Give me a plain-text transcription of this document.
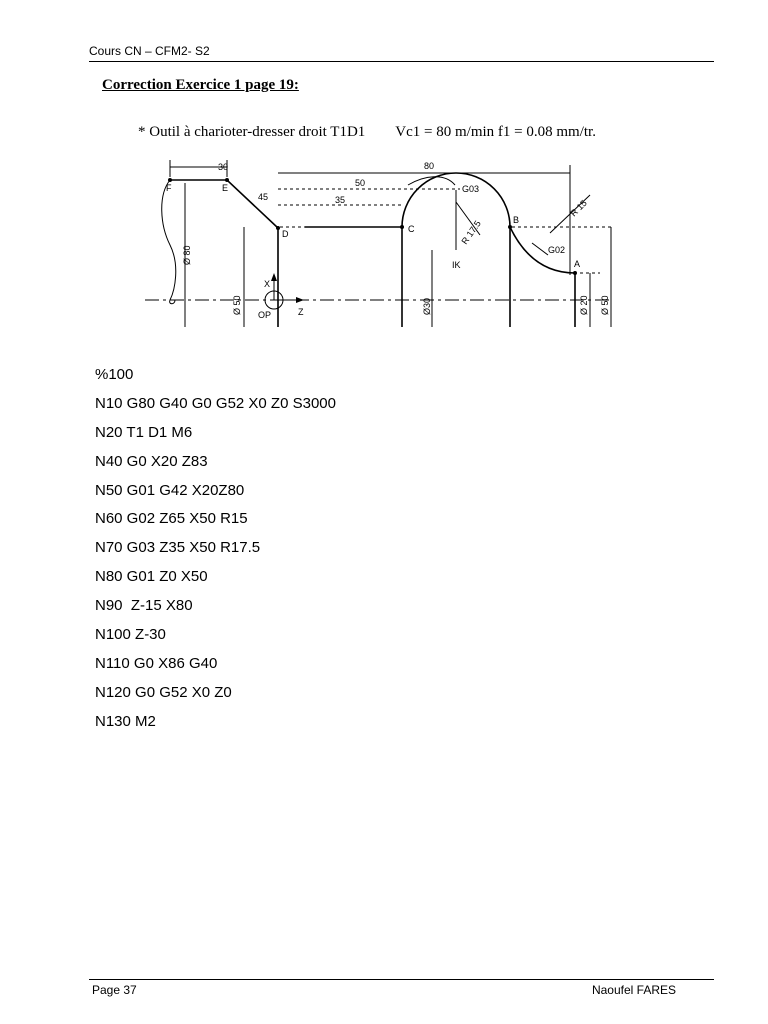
Cours CN – CFM2- S2
Correction Exercice 1 page 19:
* Outil à charioter-dresser droit T1D1 Vc1 = 80 m/min f1 = 0.08 mm/tr.
30	80
50
35
45
F	E
D	C
B
A
IK
G03
G02
R 17.5
R 15
X
Z
OP
Ø 80
Ø 50	Ø30	Ø 20 Ø 50
%100
N10 G80 G40 G0 G52 X0 Z0 S3000
N20 T1 D1 M6
N40 G0 X20 Z83
N50 G01 G42 X20Z80
N60 G02 Z65 X50 R15
N70 G03 Z35 X50 R17.5
N80 G01 Z0 X50
N90  Z-15 X80
N100 Z-30
N110 G0 X86 G40
N120 G0 G52 X0 Z0
N130 M2
Page 37	Naoufel FARES
